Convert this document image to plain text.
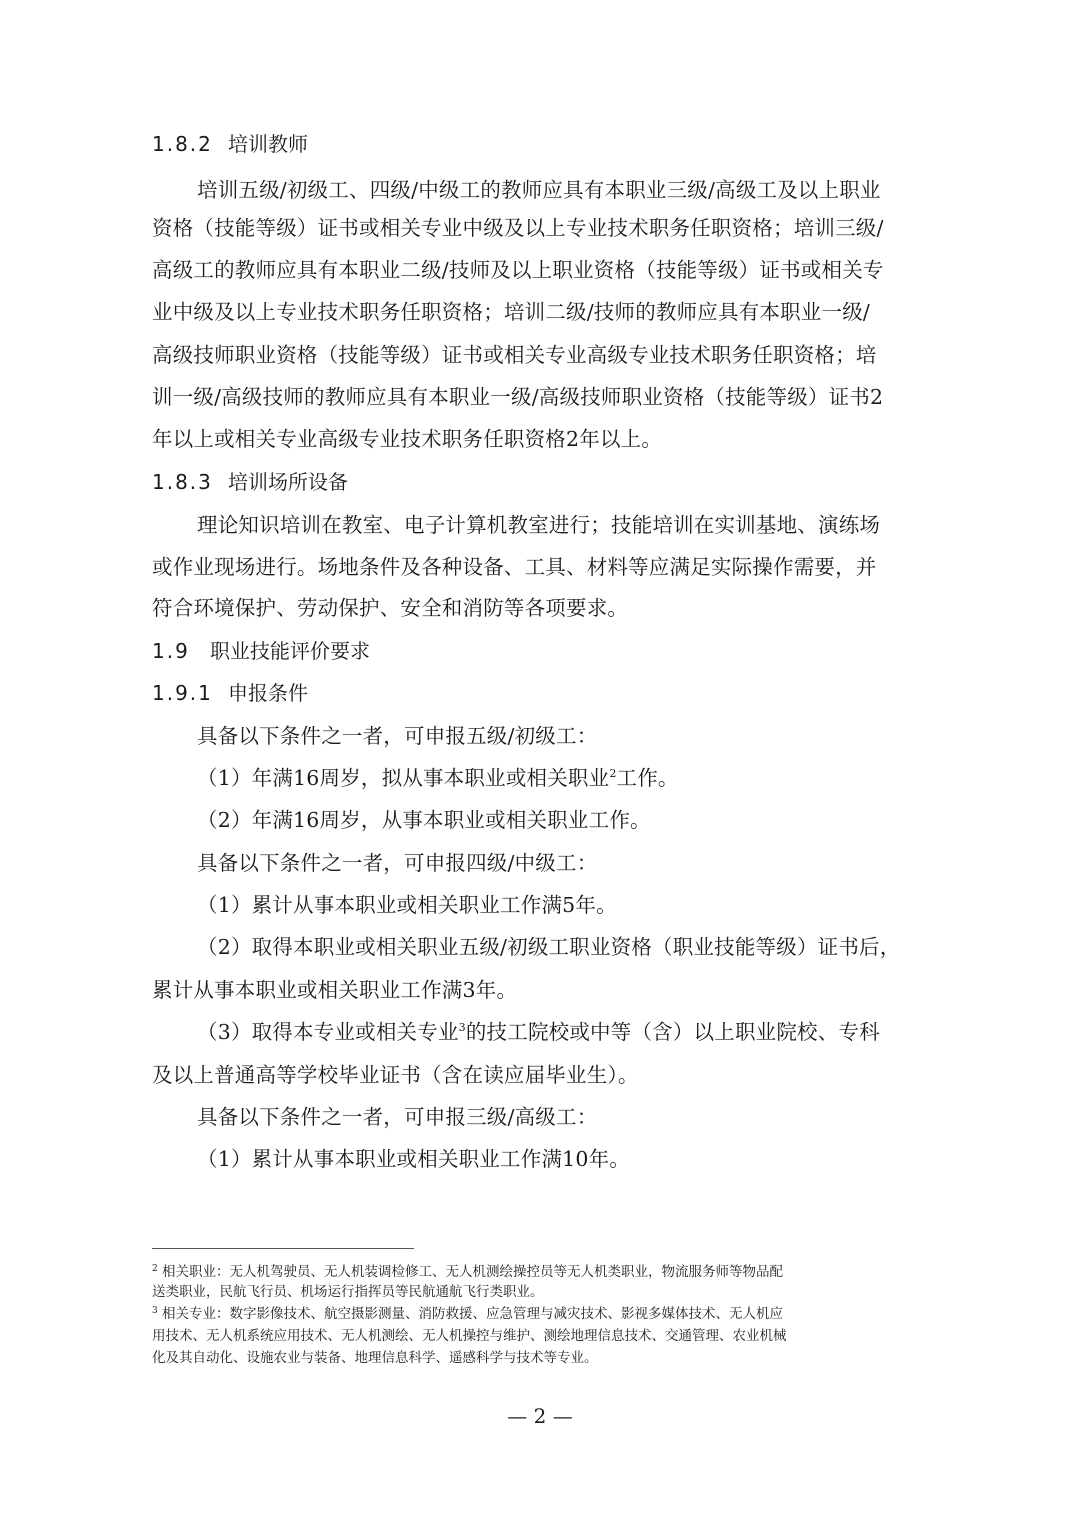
1.8.2 培训教师
培训五级/初级工、四级/中级工的教师应具有本职业三级/高级工及以上职业
资格（技能等级）证书或相关专业中级及以上专业技术职务任职资格；培训三级/
高级工的教师应具有本职业二级/技师及以上职业资格（技能等级）证书或相关专
业中级及以上专业技术职务任职资格；培训二级/技师的教师应具有本职业一级/
高级技师职业资格（技能等级）证书或相关专业高级专业技术职务任职资格；培
训一级/高级技师的教师应具有本职业一级/高级技师职业资格（技能等级）证书2
年以上或相关专业高级专业技术职务任职资格2年以上。
1.8.3 培训场所设备
理论知识培训在教室、电子计算机教室进行；技能培训在实训基地、演练场
或作业现场进行。场地条件及各种设备、工具、材料等应满足实际操作需要，并
符合环境保护、劳动保护、安全和消防等各项要求。
1.9 职业技能评价要求
1.9.1 申报条件
具备以下条件之一者，可申报五级/初级工：
（1）年满16周岁，拟从事本职业或相关职业$^2$工作。
（2）年满16周岁，从事本职业或相关职业工作。
具备以下条件之一者，可申报四级/中级工：
（1）累计从事本职业或相关职业工作满5年。
（2）取得本职业或相关职业五级/初级工职业资格（职业技能等级）证书后，
累计从事本职业或相关职业工作满3年。
（3）取得本专业或相关专业$^3$的技工院校或中等（含）以上职业院校、专科
及以上普通高等学校毕业证书（含在读应届毕业生）。
具备以下条件之一者，可申报三级/高级工：
（1）累计从事本职业或相关职业工作满10年。
$^2$ 相关职业：无人机驾驶员、无人机装调检修工、无人机测绘操控员等无人机类职业，物流服务师等物品配
送类职业，民航飞行员、机场运行指挥员等民航通航飞行类职业。
$^3$ 相关专业：数字影像技术、航空摄影测量、消防救援、应急管理与减灾技术、影视多媒体技术、无人机应
用技术、无人机系统应用技术、无人机测绘、无人机操控与维护、测绘地理信息技术、交通管理、农业机械
化及其自动化、设施农业与装备、地理信息科学、遥感科学与技术等专业。
— 2 —
